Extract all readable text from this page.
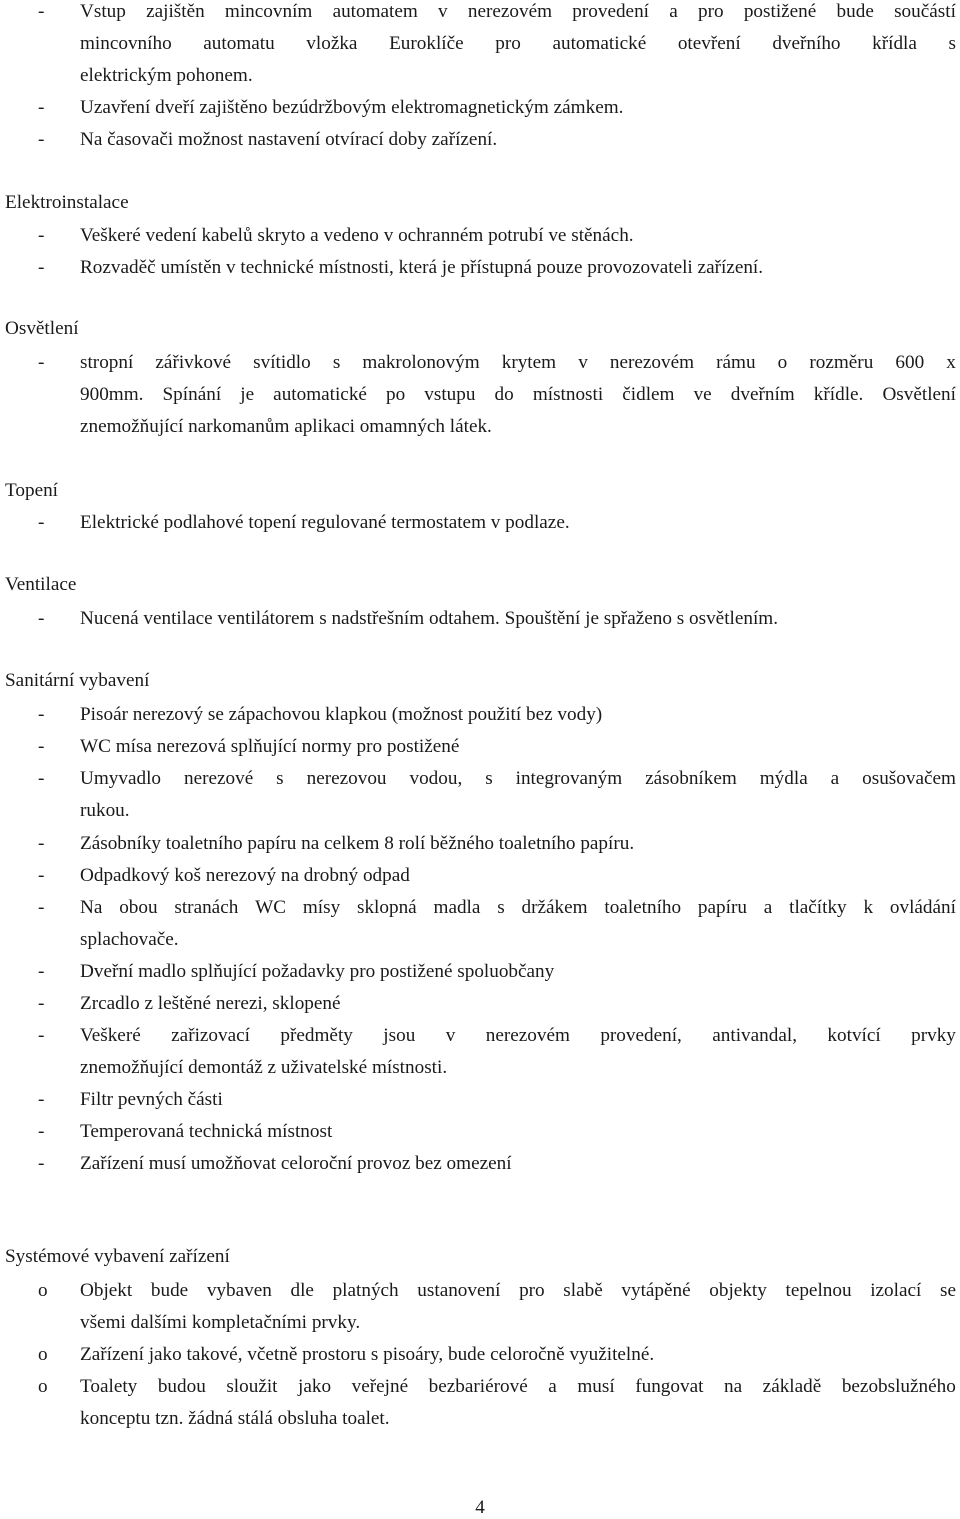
- Vstup zajištěn mincovním automatem v nerezovém provedení a pro postižené bude součástí
mincovního automatu vložka Euroklíče pro automatické otevření dveřního křídla s
elektrickým pohonem.
- Uzavření dveří zajištěno bezúdržbovým elektromagnetickým zámkem.
- Na časovači možnost nastavení otvírací doby zařízení.
Elektroinstalace
- Veškeré vedení kabelů skryto a vedeno v ochranném potrubí ve stěnách.
- Rozvaděč umístěn v technické místnosti, která je přístupná pouze provozovateli zařízení.
Osvětlení
- stropní zářivkové svítidlo s makrolonovým krytem v nerezovém rámu o rozměru 600 x
900mm. Spínání je automatické po vstupu do místnosti čidlem ve dveřním křídle. Osvětlení
znemožňující narkomanům aplikaci omamných látek.
Topení
- Elektrické podlahové topení regulované termostatem v podlaze.
Ventilace
- Nucená ventilace ventilátorem s nadstřešním odtahem. Spouštění je spřaženo s osvětlením.
Sanitární vybavení
- Pisoár nerezový se zápachovou klapkou (možnost použití bez vody)
- WC mísa nerezová splňující normy pro postižené
- Umyvadlo nerezové s nerezovou vodou, s integrovaným zásobníkem mýdla a osušovačem
rukou.
- Zásobníky toaletního papíru na celkem 8 rolí běžného toaletního papíru.
- Odpadkový koš nerezový na drobný odpad
- Na obou stranách WC mísy sklopná madla s držákem toaletního papíru a tlačítky k ovládání
splachovače.
- Dveřní madlo splňující požadavky pro postižené spoluobčany
- Zrcadlo z leštěné nerezi, sklopené
- Veškeré zařizovací předměty jsou v nerezovém provedení, antivandal, kotvící prvky
znemožňující demontáž z uživatelské místnosti.
- Filtr pevných části
- Temperovaná technická místnost
- Zařízení musí umožňovat celoroční provoz bez omezení
Systémové vybavení zařízení
o Objekt bude vybaven dle platných ustanovení pro slabě vytápěné objekty tepelnou izolací se
všemi dalšími kompletačními prvky.
o Zařízení jako takové, včetně prostoru s pisoáry, bude celoročně využitelné.
o Toalety budou sloužit jako veřejné bezbariérové a musí fungovat na základě bezobslužného
konceptu tzn. žádná stálá obsluha toalet.
4
